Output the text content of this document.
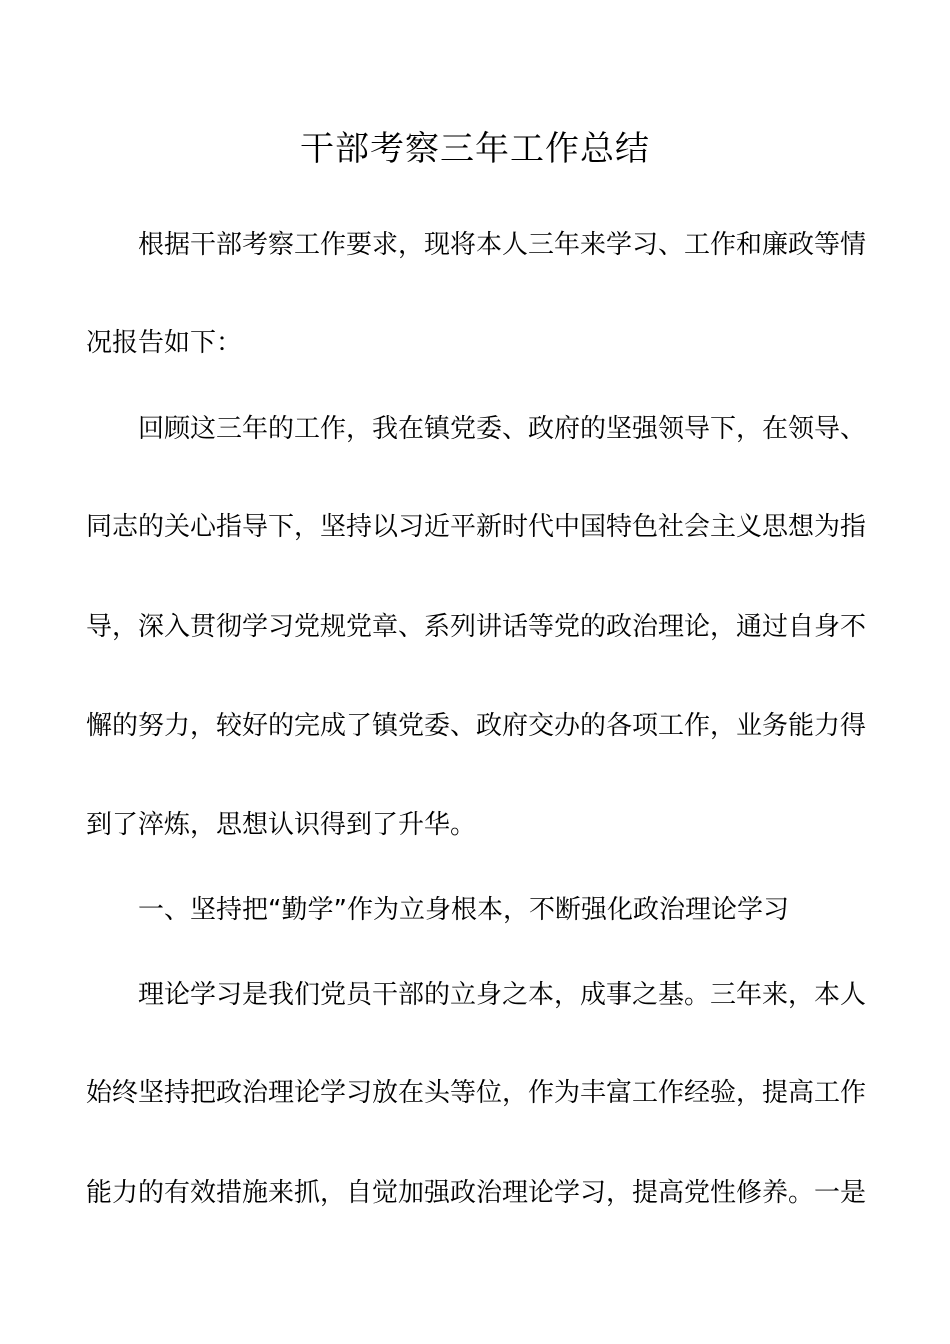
干部考察三年工作总结
根据干部考察工作要求，现将本人三年来学习、工作和廉政等情
况报告如下：
回顾这三年的工作，我在镇党委、政府的坚强领导下，在领导、
同志的关心指导下，坚持以习近平新时代中国特色社会主义思想为指
导，深入贯彻学习党规党章、系列讲话等党的政治理论，通过自身不
懈的努力，较好的完成了镇党委、政府交办的各项工作，业务能力得
到了淬炼，思想认识得到了升华。
一、坚持把“勤学”作为立身根本，不断强化政治理论学习
理论学习是我们党员干部的立身之本，成事之基。三年来，本人
始终坚持把政治理论学习放在头等位，作为丰富工作经验，提高工作
能力的有效措施来抓，自觉加强政治理论学习，提高党性修养。一是
